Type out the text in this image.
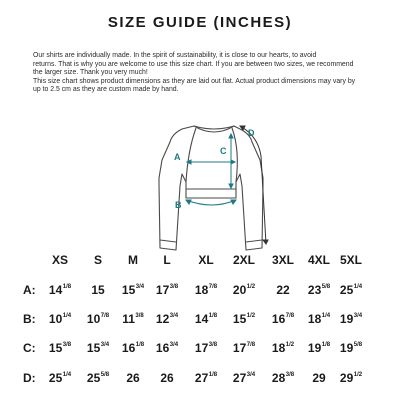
SIZE GUIDE (INCHES)

Our shirts are individually made. In the spirit of sustainability, it is close to our hearts, to avoid

returns. That is why you are welcome to use this size chart. If you are between two sizes, we recommend

the larger size. Thank you very much!

This size chart shows product dimensions as they are laid out flat. Actual product dimensions may vary by

up to 2.5 cm as they are custom made by hand.

A
B
C
D
XS S M L XL 2XL 3XL 4XL 5XL
A: $14^{1/8}$ 15 $15^{3/4}$ $17^{3/8}$ $18^{7/8}$ $20^{1/2}$ 22 $23^{5/8}$ $25^{1/4}$
B: $10^{1/4}$ $10^{7/8}$ $11^{3/8}$ $12^{3/4}$ $14^{1/8}$ $15^{1/2}$ $16^{7/8}$ $18^{1/4}$ $19^{3/4}$
C: $15^{3/8}$ $15^{3/4}$ $16^{1/8}$ $16^{3/4}$ $17^{3/8}$ $17^{7/8}$ $18^{1/2}$ $19^{1/8}$ $19^{5/8}$
D: $25^{1/4}$ $25^{5/8}$ 26 26 $27^{1/8}$ $27^{3/4}$ $28^{3/8}$ 29 $29^{1/2}$
